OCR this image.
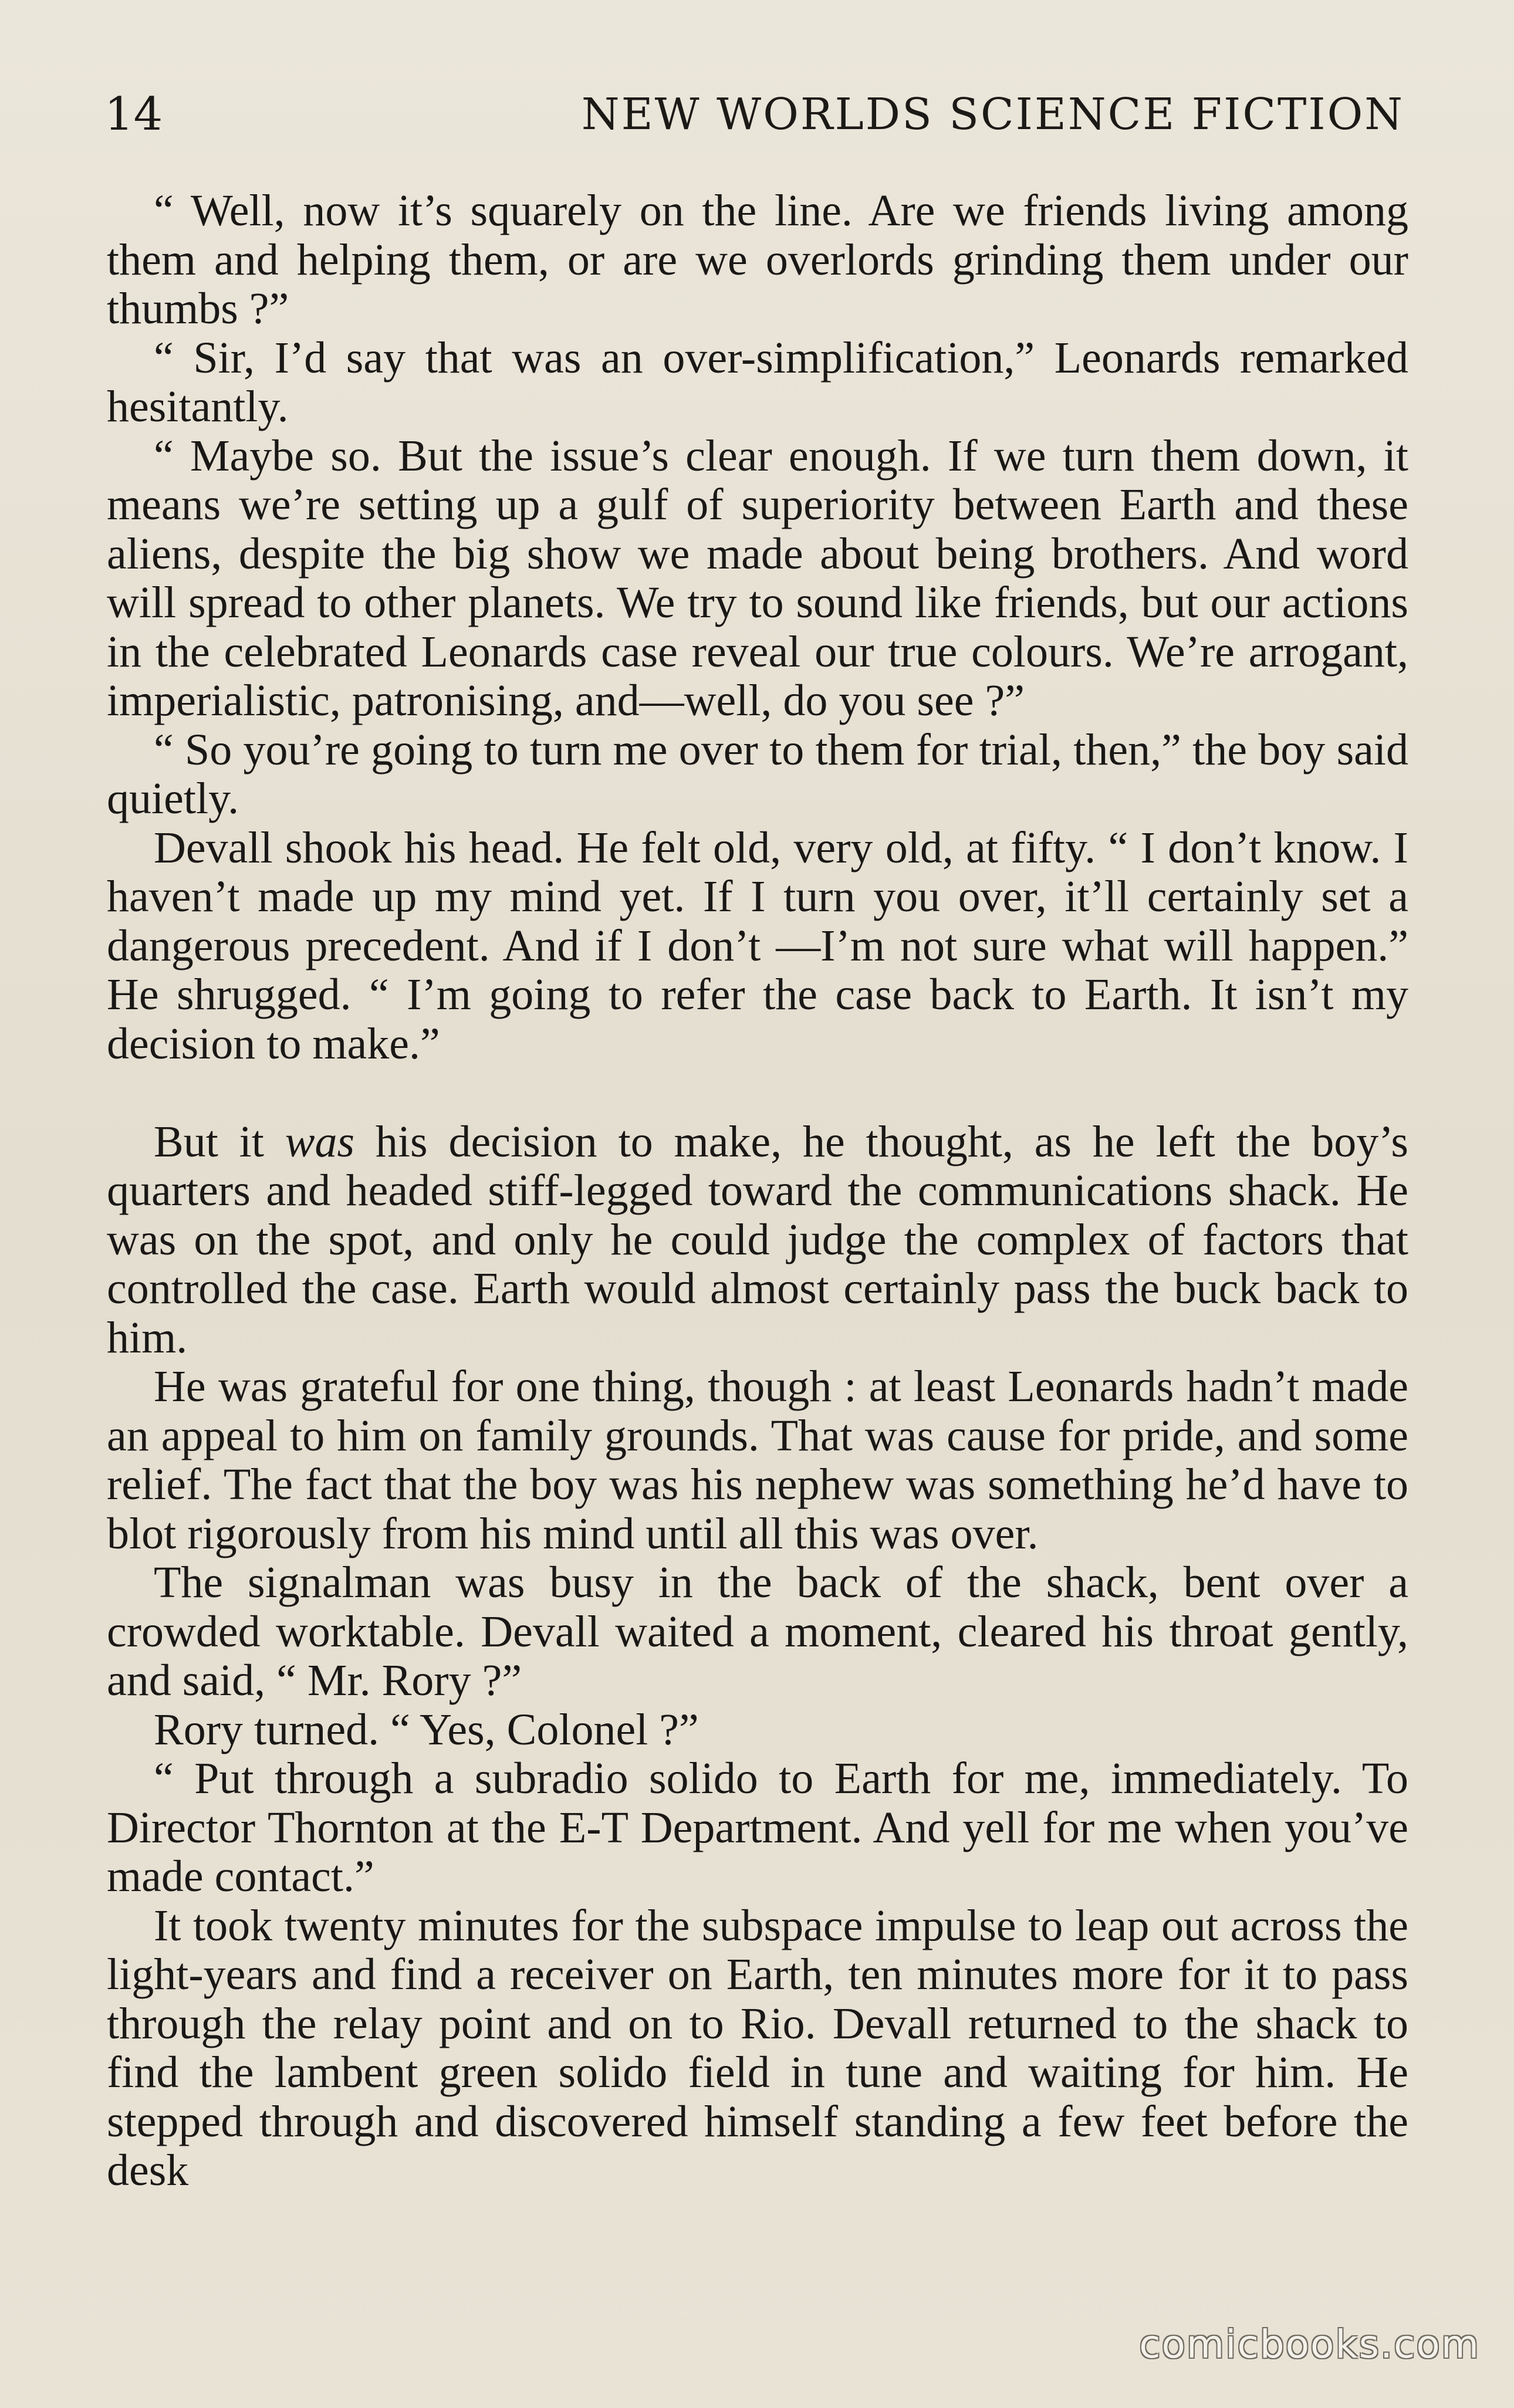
14	NEW WORLDS SCIENCE FICTION

“ Well, now it’s squarely on the line. Are we friends living among them and helping them, or are we overlords grinding them under our thumbs ?”

“ Sir, I’d say that was an over-simplification,” Leonards remarked hesitantly.

“ Maybe so. But the issue’s clear enough. If we turn them down, it means we’re setting up a gulf of superiority between Earth and these aliens, despite the big show we made about being brothers. And word will spread to other planets. We try to sound like friends, but our actions in the celebrated Leonards case reveal our true colours. We’re arrogant, imperialistic, patronising, and—well, do you see ?”

“ So you’re going to turn me over to them for trial, then,” the boy said quietly.

Devall shook his head. He felt old, very old, at fifty. “ I don’t know. I haven’t made up my mind yet. If I turn you over, it’ll certainly set a dangerous precedent. And if I don’t —I’m not sure what will happen.” He shrugged. “ I’m going to refer the case back to Earth. It isn’t my decision to make.”

But it was his decision to make, he thought, as he left the boy’s quarters and headed stiff-legged toward the communications shack. He was on the spot, and only he could judge the complex of factors that controlled the case. Earth would almost certainly pass the buck back to him.

He was grateful for one thing, though : at least Leonards hadn’t made an appeal to him on family grounds. That was cause for pride, and some relief. The fact that the boy was his nephew was something he’d have to blot rigorously from his mind until all this was over.

The signalman was busy in the back of the shack, bent over a crowded worktable. Devall waited a moment, cleared his throat gently, and said, “ Mr. Rory ?”

Rory turned. “ Yes, Colonel ?”

“ Put through a subradio solido to Earth for me, immediately. To Director Thornton at the E-T Department. And yell for me when you’ve made contact.”

It took twenty minutes for the subspace impulse to leap out across the light-years and find a receiver on Earth, ten minutes more for it to pass through the relay point and on to Rio. Devall returned to the shack to find the lambent green solido field in tune and waiting for him. He stepped through and discovered himself standing a few feet before the desk

comicbooks.com
